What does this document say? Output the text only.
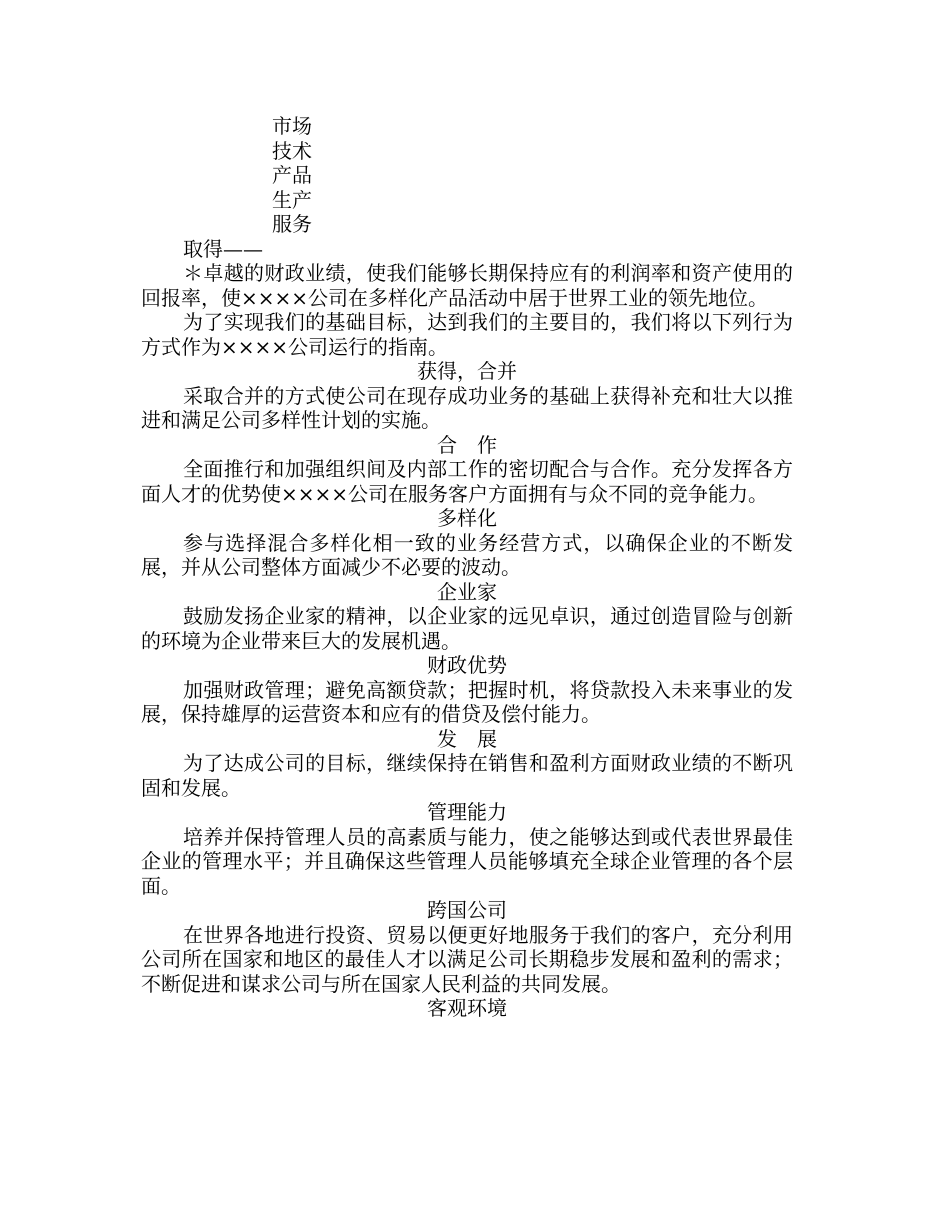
市场
技术
产品
生产
服务
取得——

＊卓越的财政业绩，使我们能够长期保持应有的利润率和资产使用的回报率，使××××公司在多样化产品活动中居于世界工业的领先地位。

为了实现我们的基础目标，达到我们的主要目的，我们将以下列行为方式作为××××公司运行的指南。

获得，合并

采取合并的方式使公司在现存成功业务的基础上获得补充和壮大以推进和满足公司多样性计划的实施。

合　作

全面推行和加强组织间及内部工作的密切配合与合作。充分发挥各方面人才的优势使××××公司在服务客户方面拥有与众不同的竞争能力。

多样化

参与选择混合多样化相一致的业务经营方式，以确保企业的不断发展，并从公司整体方面减少不必要的波动。

企业家

鼓励发扬企业家的精神，以企业家的远见卓识，通过创造冒险与创新的环境为企业带来巨大的发展机遇。

财政优势

加强财政管理；避免高额贷款；把握时机，将贷款投入未来事业的发展，保持雄厚的运营资本和应有的借贷及偿付能力。

发　展

为了达成公司的目标，继续保持在销售和盈利方面财政业绩的不断巩固和发展。

管理能力

培养并保持管理人员的高素质与能力，使之能够达到或代表世界最佳企业的管理水平；并且确保这些管理人员能够填充全球企业管理的各个层面。

跨国公司

在世界各地进行投资、贸易以便更好地服务于我们的客户，充分利用公司所在国家和地区的最佳人才以满足公司长期稳步发展和盈利的需求；不断促进和谋求公司与所在国家人民利益的共同发展。

客观环境
